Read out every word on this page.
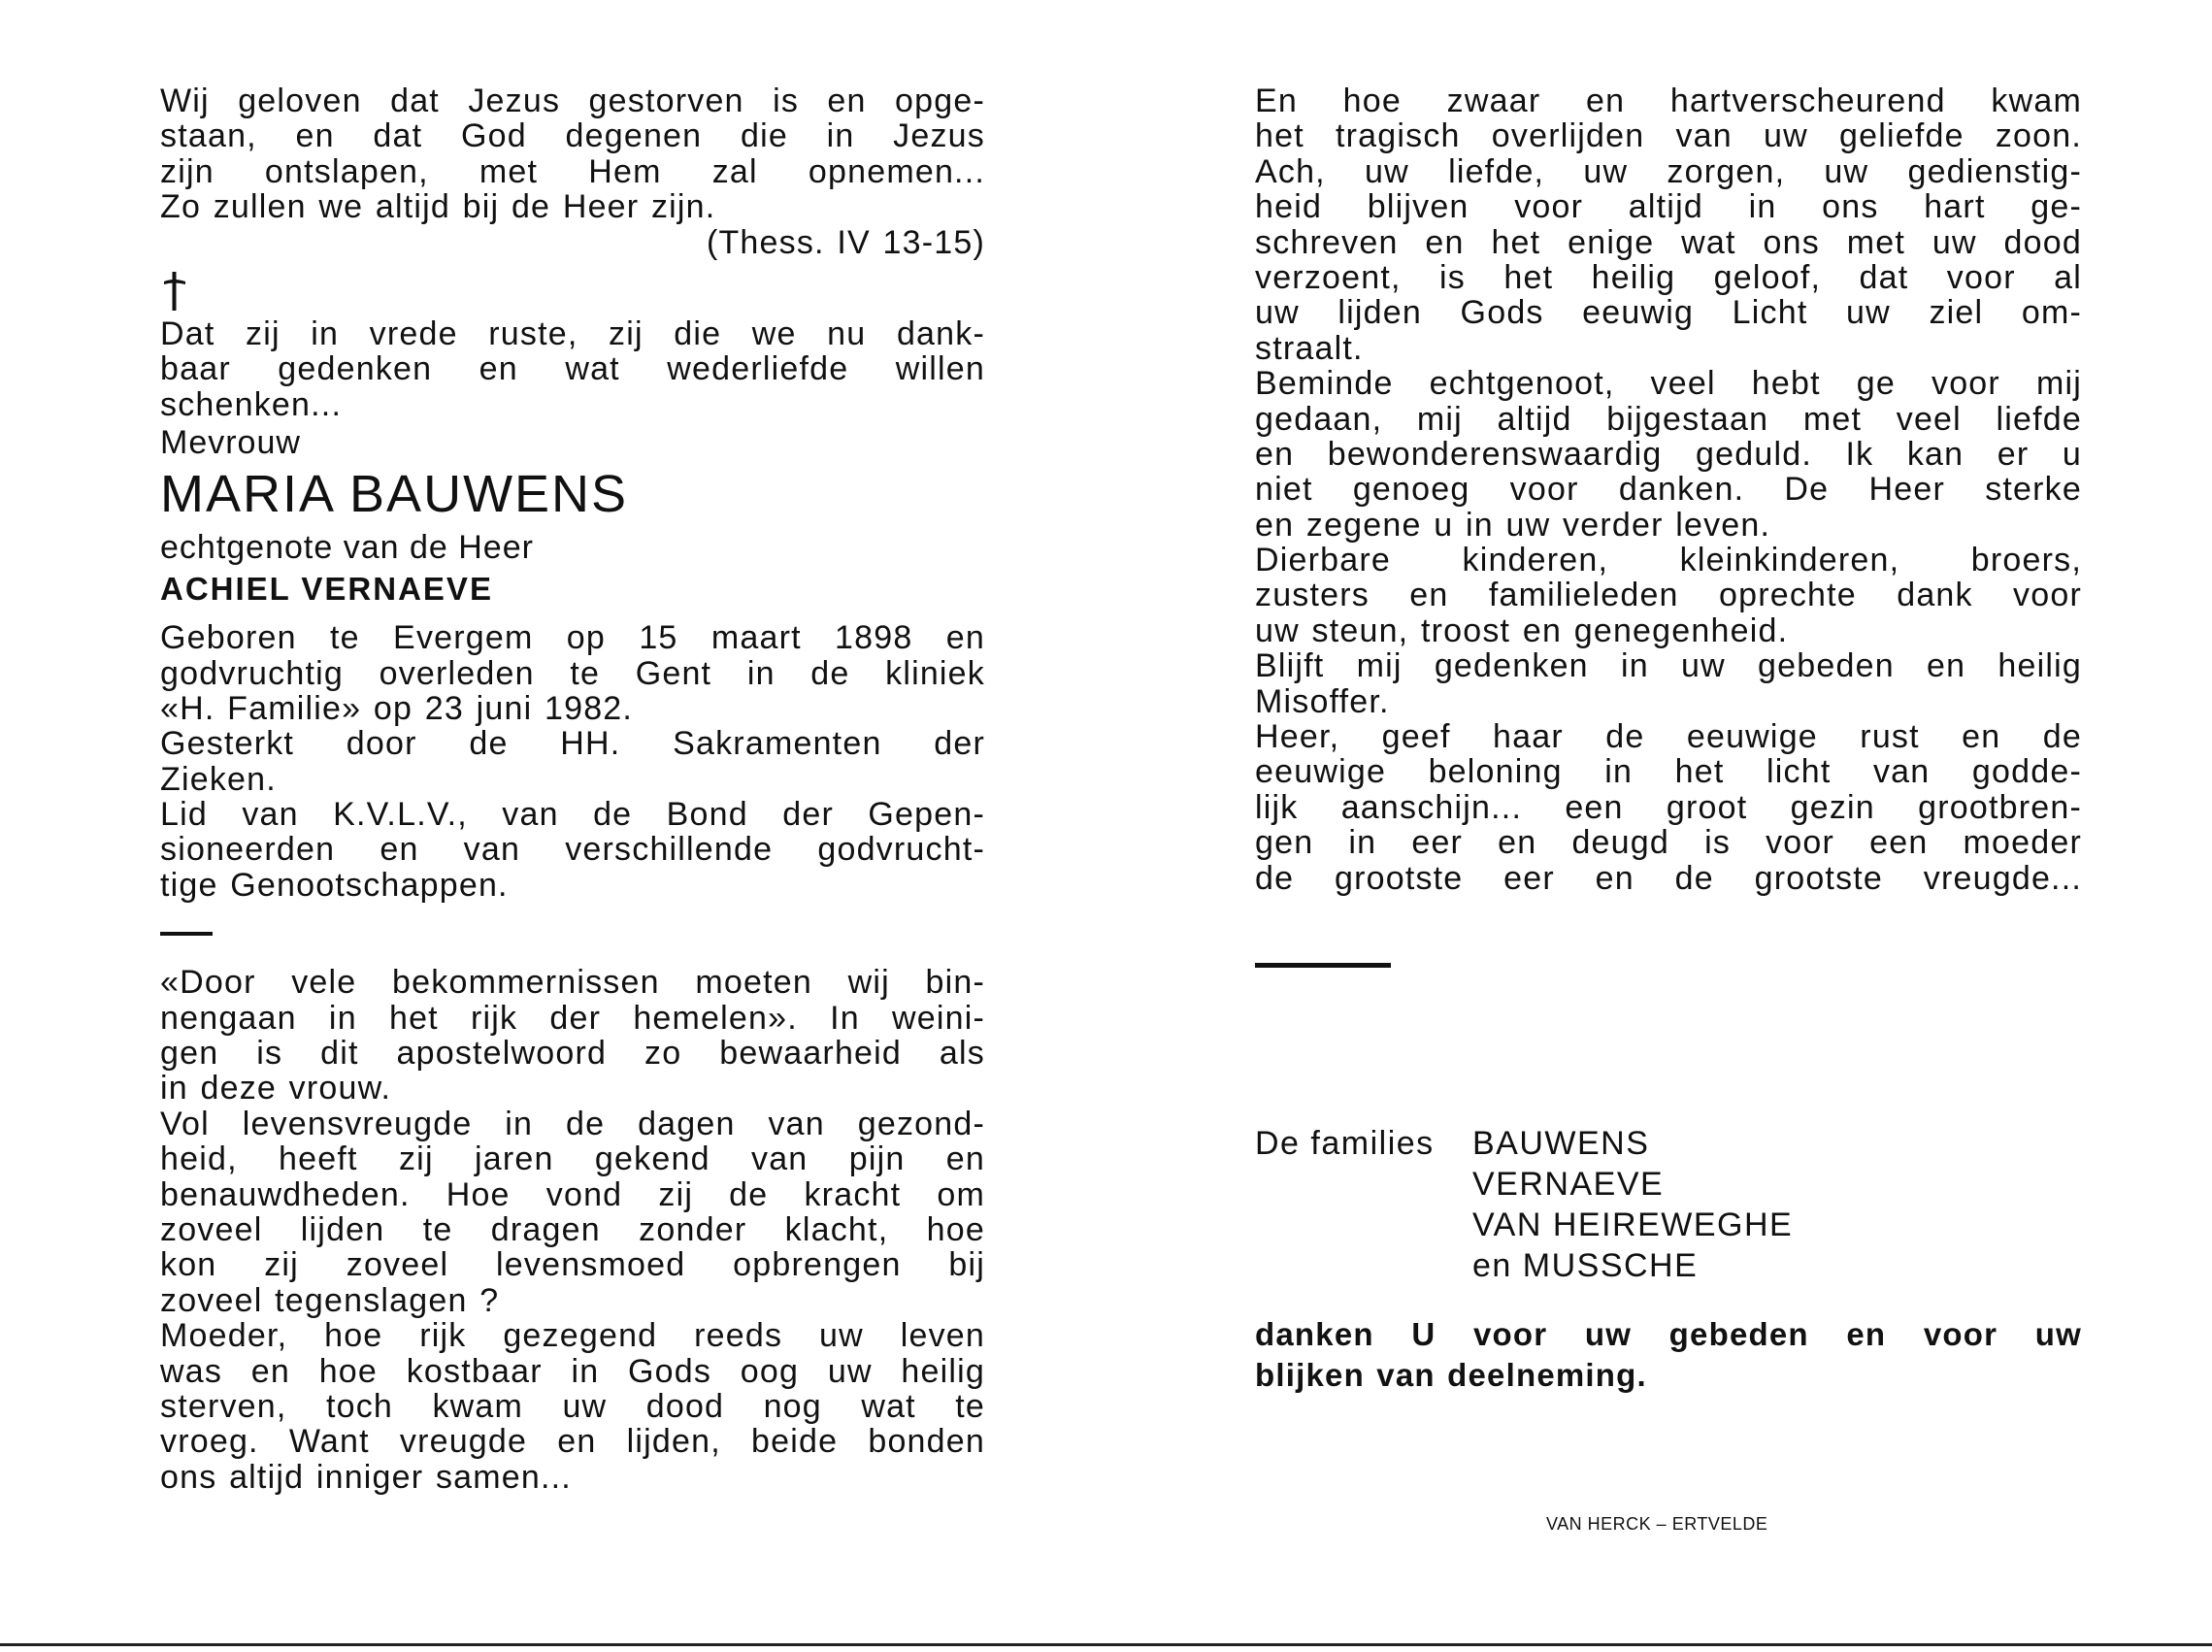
Wij geloven dat Jezus gestorven is en opge-
staan, en dat God degenen die in Jezus
zijn ontslapen, met Hem zal opnemen...
Zo zullen we altijd bij de Heer zijn.
(Thess. IV 13-15)
Dat zij in vrede ruste, zij die we nu dank-
baar gedenken en wat wederliefde willen
schenken...
Mevrouw
MARIA BAUWENS
echtgenote van de Heer
ACHIEL VERNAEVE
Geboren te Evergem op 15 maart 1898 en
godvruchtig overleden te Gent in de kliniek
«H. Familie» op 23 juni 1982.
Gesterkt door de HH. Sakramenten der
Zieken.
Lid van K.V.L.V., van de Bond der Gepen-
sioneerden en van verschillende godvrucht-
tige Genootschappen.
«Door vele bekommernissen moeten wij bin-
nengaan in het rijk der hemelen». In weini-
gen is dit apostelwoord zo bewaarheid als
in deze vrouw.
Vol levensvreugde in de dagen van gezond-
heid, heeft zij jaren gekend van pijn en
benauwdheden. Hoe vond zij de kracht om
zoveel lijden te dragen zonder klacht, hoe
kon zij zoveel levensmoed opbrengen bij
zoveel tegenslagen ?
Moeder, hoe rijk gezegend reeds uw leven
was en hoe kostbaar in Gods oog uw heilig
sterven, toch kwam uw dood nog wat te
vroeg. Want vreugde en lijden, beide bonden
ons altijd inniger samen...
En hoe zwaar en hartverscheurend kwam
het tragisch overlijden van uw geliefde zoon.
Ach, uw liefde, uw zorgen, uw gedienstig-
heid blijven voor altijd in ons hart ge-
schreven en het enige wat ons met uw dood
verzoent, is het heilig geloof, dat voor al
uw lijden Gods eeuwig Licht uw ziel om-
straalt.
Beminde echtgenoot, veel hebt ge voor mij
gedaan, mij altijd bijgestaan met veel liefde
en bewonderenswaardig geduld. Ik kan er u
niet genoeg voor danken. De Heer sterke
en zegene u in uw verder leven.
Dierbare kinderen, kleinkinderen, broers,
zusters en familieleden oprechte dank voor
uw steun, troost en genegenheid.
Blijft mij gedenken in uw gebeden en heilig
Misoffer.
Heer, geef haar de eeuwige rust en de
eeuwige beloning in het licht van godde-
lijk aanschijn... een groot gezin grootbren-
gen in eer en deugd is voor een moeder
de grootste eer en de grootste vreugde...
De families BAUWENS
VERNAEVE
VAN HEIREWEGHE
en MUSSCHE
danken U voor uw gebeden en voor uw
blijken van deelneming.
VAN HERCK – ERTVELDE
